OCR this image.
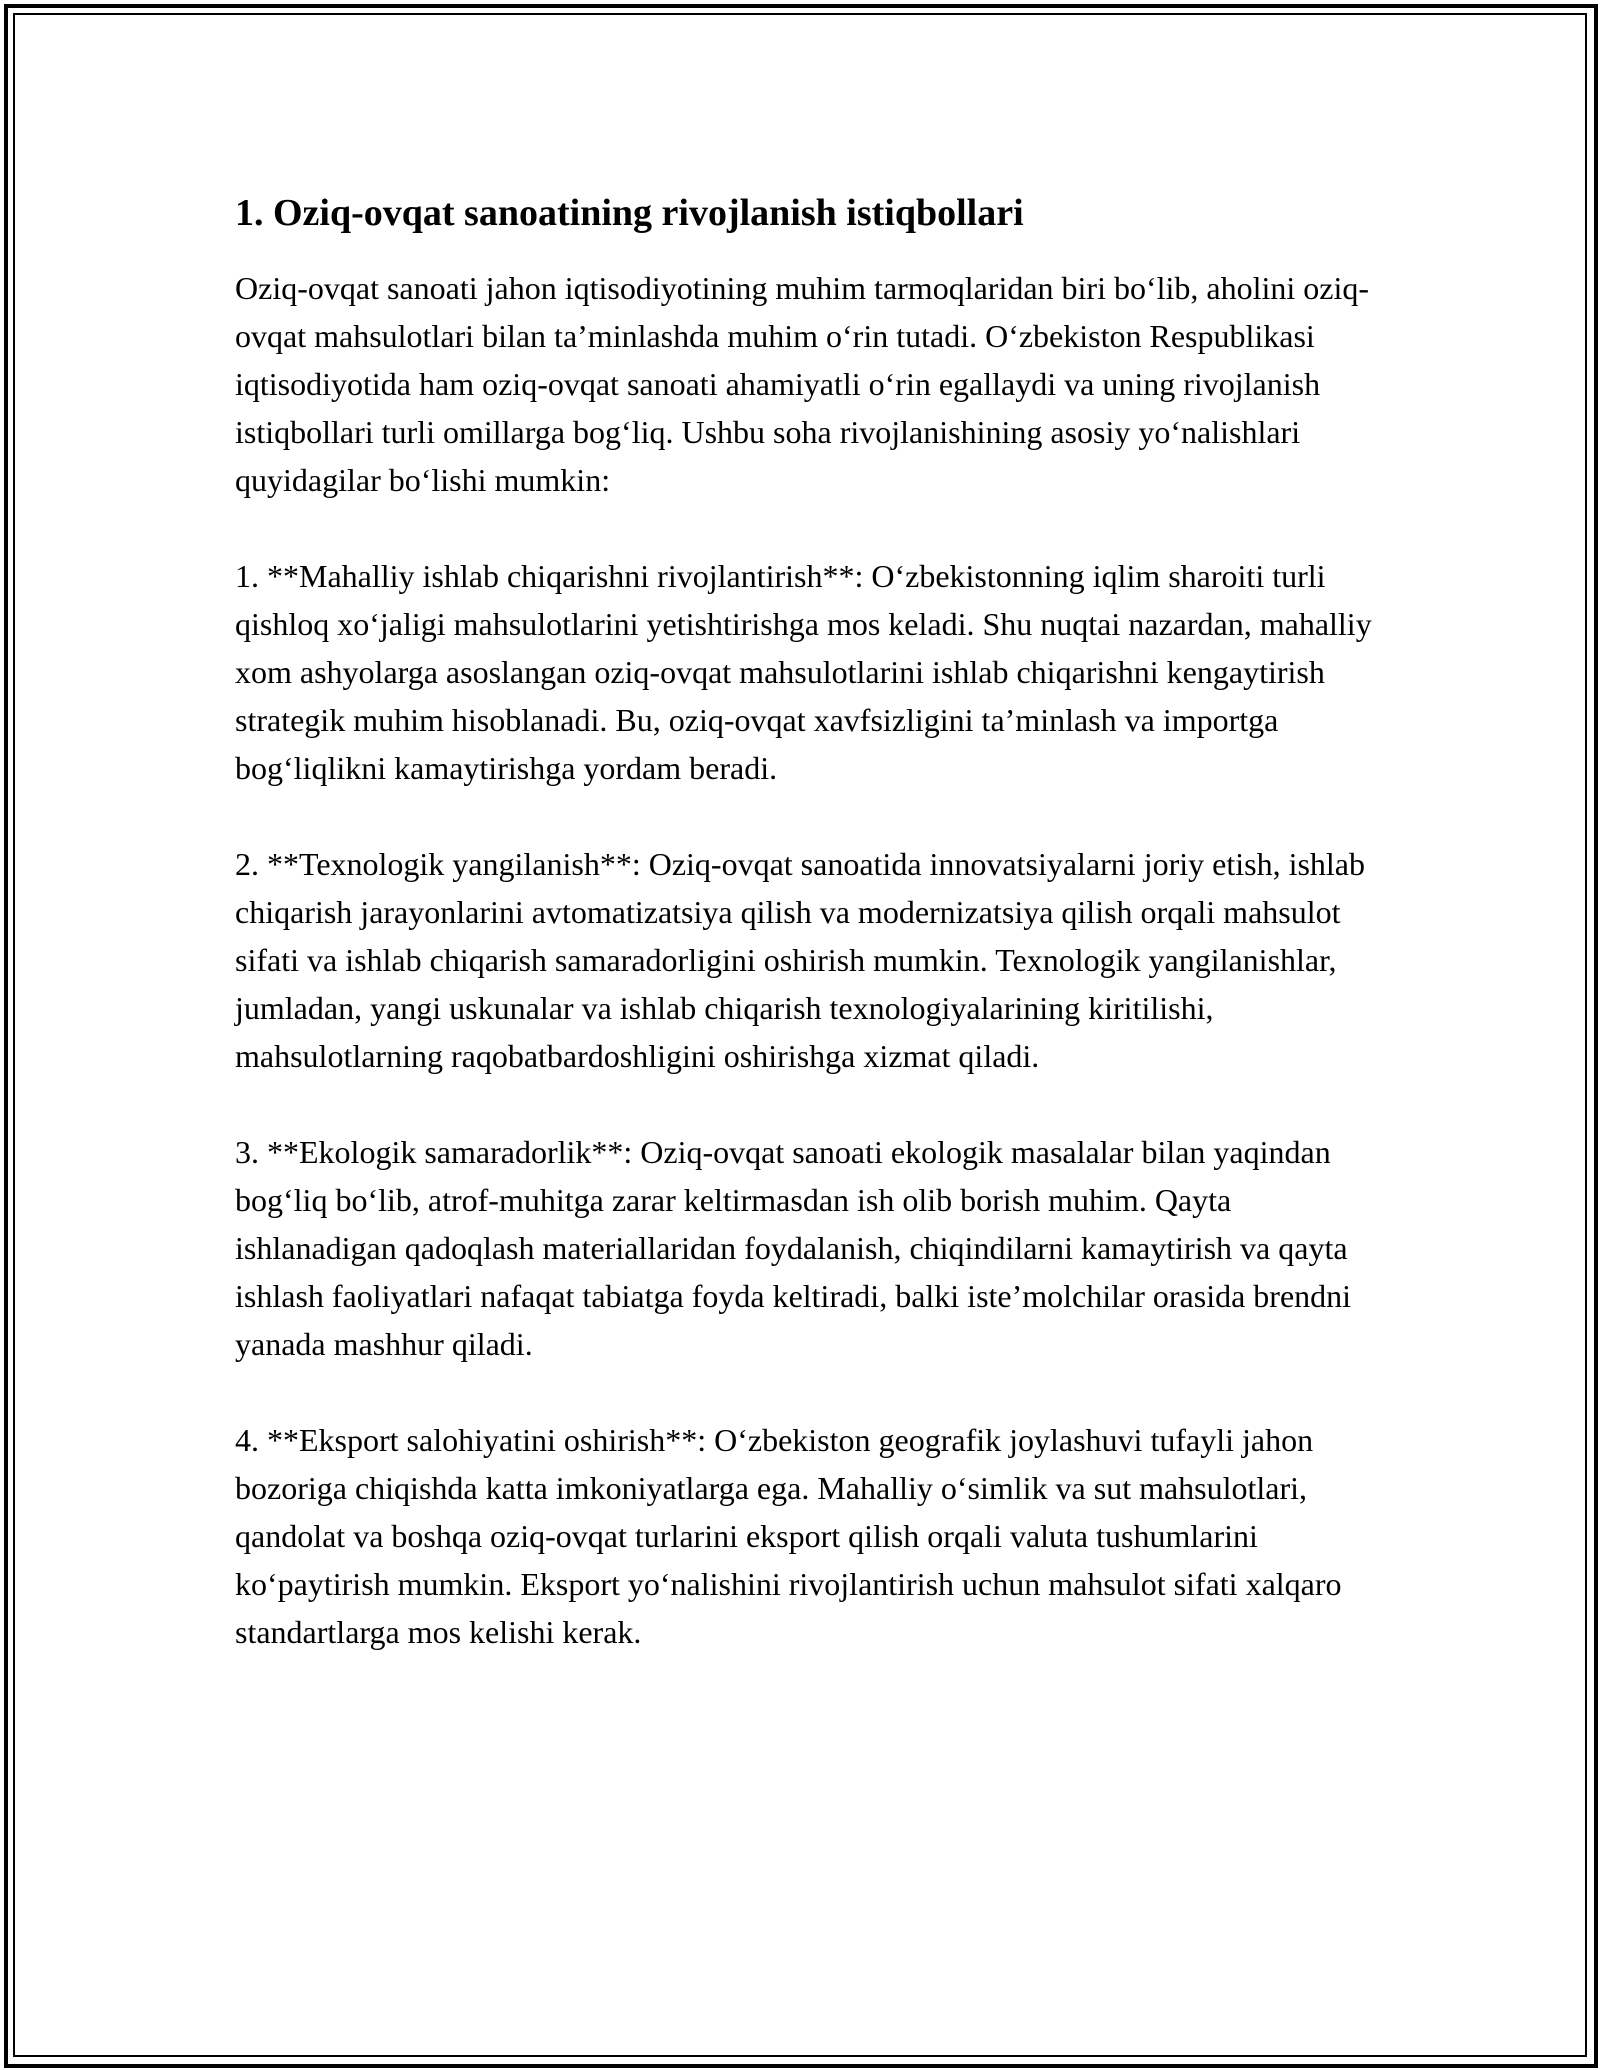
1. Oziq-ovqat sanoatining rivojlanish istiqbollari

Oziq-ovqat sanoati jahon iqtisodiyotining muhim tarmoqlaridan biri bo‘lib, aholini oziq-ovqat mahsulotlari bilan ta’minlashda muhim o‘rin tutadi. O‘zbekiston Respublikasi iqtisodiyotida ham oziq-ovqat sanoati ahamiyatli o‘rin egallaydi va uning rivojlanish istiqbollari turli omillarga bog‘liq. Ushbu soha rivojlanishining asosiy yo‘nalishlari quyidagilar bo‘lishi mumkin:

1. **Mahalliy ishlab chiqarishni rivojlantirish**: O‘zbekistonning iqlim sharoiti turli qishloq xo‘jaligi mahsulotlarini yetishtirishga mos keladi. Shu nuqtai nazardan, mahalliy xom ashyolarga asoslangan oziq-ovqat mahsulotlarini ishlab chiqarishni kengaytirish strategik muhim hisoblanadi. Bu, oziq-ovqat xavfsizligini ta’minlash va importga bog‘liqlikni kamaytirishga yordam beradi.

2. **Texnologik yangilanish**: Oziq-ovqat sanoatida innovatsiyalarni joriy etish, ishlab chiqarish jarayonlarini avtomatizatsiya qilish va modernizatsiya qilish orqali mahsulot sifati va ishlab chiqarish samaradorligini oshirish mumkin. Texnologik yangilanishlar, jumladan, yangi uskunalar va ishlab chiqarish texnologiyalarining kiritilishi, mahsulotlarning raqobatbardoshligini oshirishga xizmat qiladi.

3. **Ekologik samaradorlik**: Oziq-ovqat sanoati ekologik masalalar bilan yaqindan bog‘liq bo‘lib, atrof-muhitga zarar keltirmasdan ish olib borish muhim. Qayta ishlanadigan qadoqlash materiallaridan foydalanish, chiqindilarni kamaytirish va qayta ishlash faoliyatlari nafaqat tabiatga foyda keltiradi, balki iste’molchilar orasida brendni yanada mashhur qiladi.

4. **Eksport salohiyatini oshirish**: O‘zbekiston geografik joylashuvi tufayli jahon bozoriga chiqishda katta imkoniyatlarga ega. Mahalliy o‘simlik va sut mahsulotlari, qandolat va boshqa oziq-ovqat turlarini eksport qilish orqali valuta tushumlarini ko‘paytirish mumkin. Eksport yo‘nalishini rivojlantirish uchun mahsulot sifati xalqaro standartlarga mos kelishi kerak.
